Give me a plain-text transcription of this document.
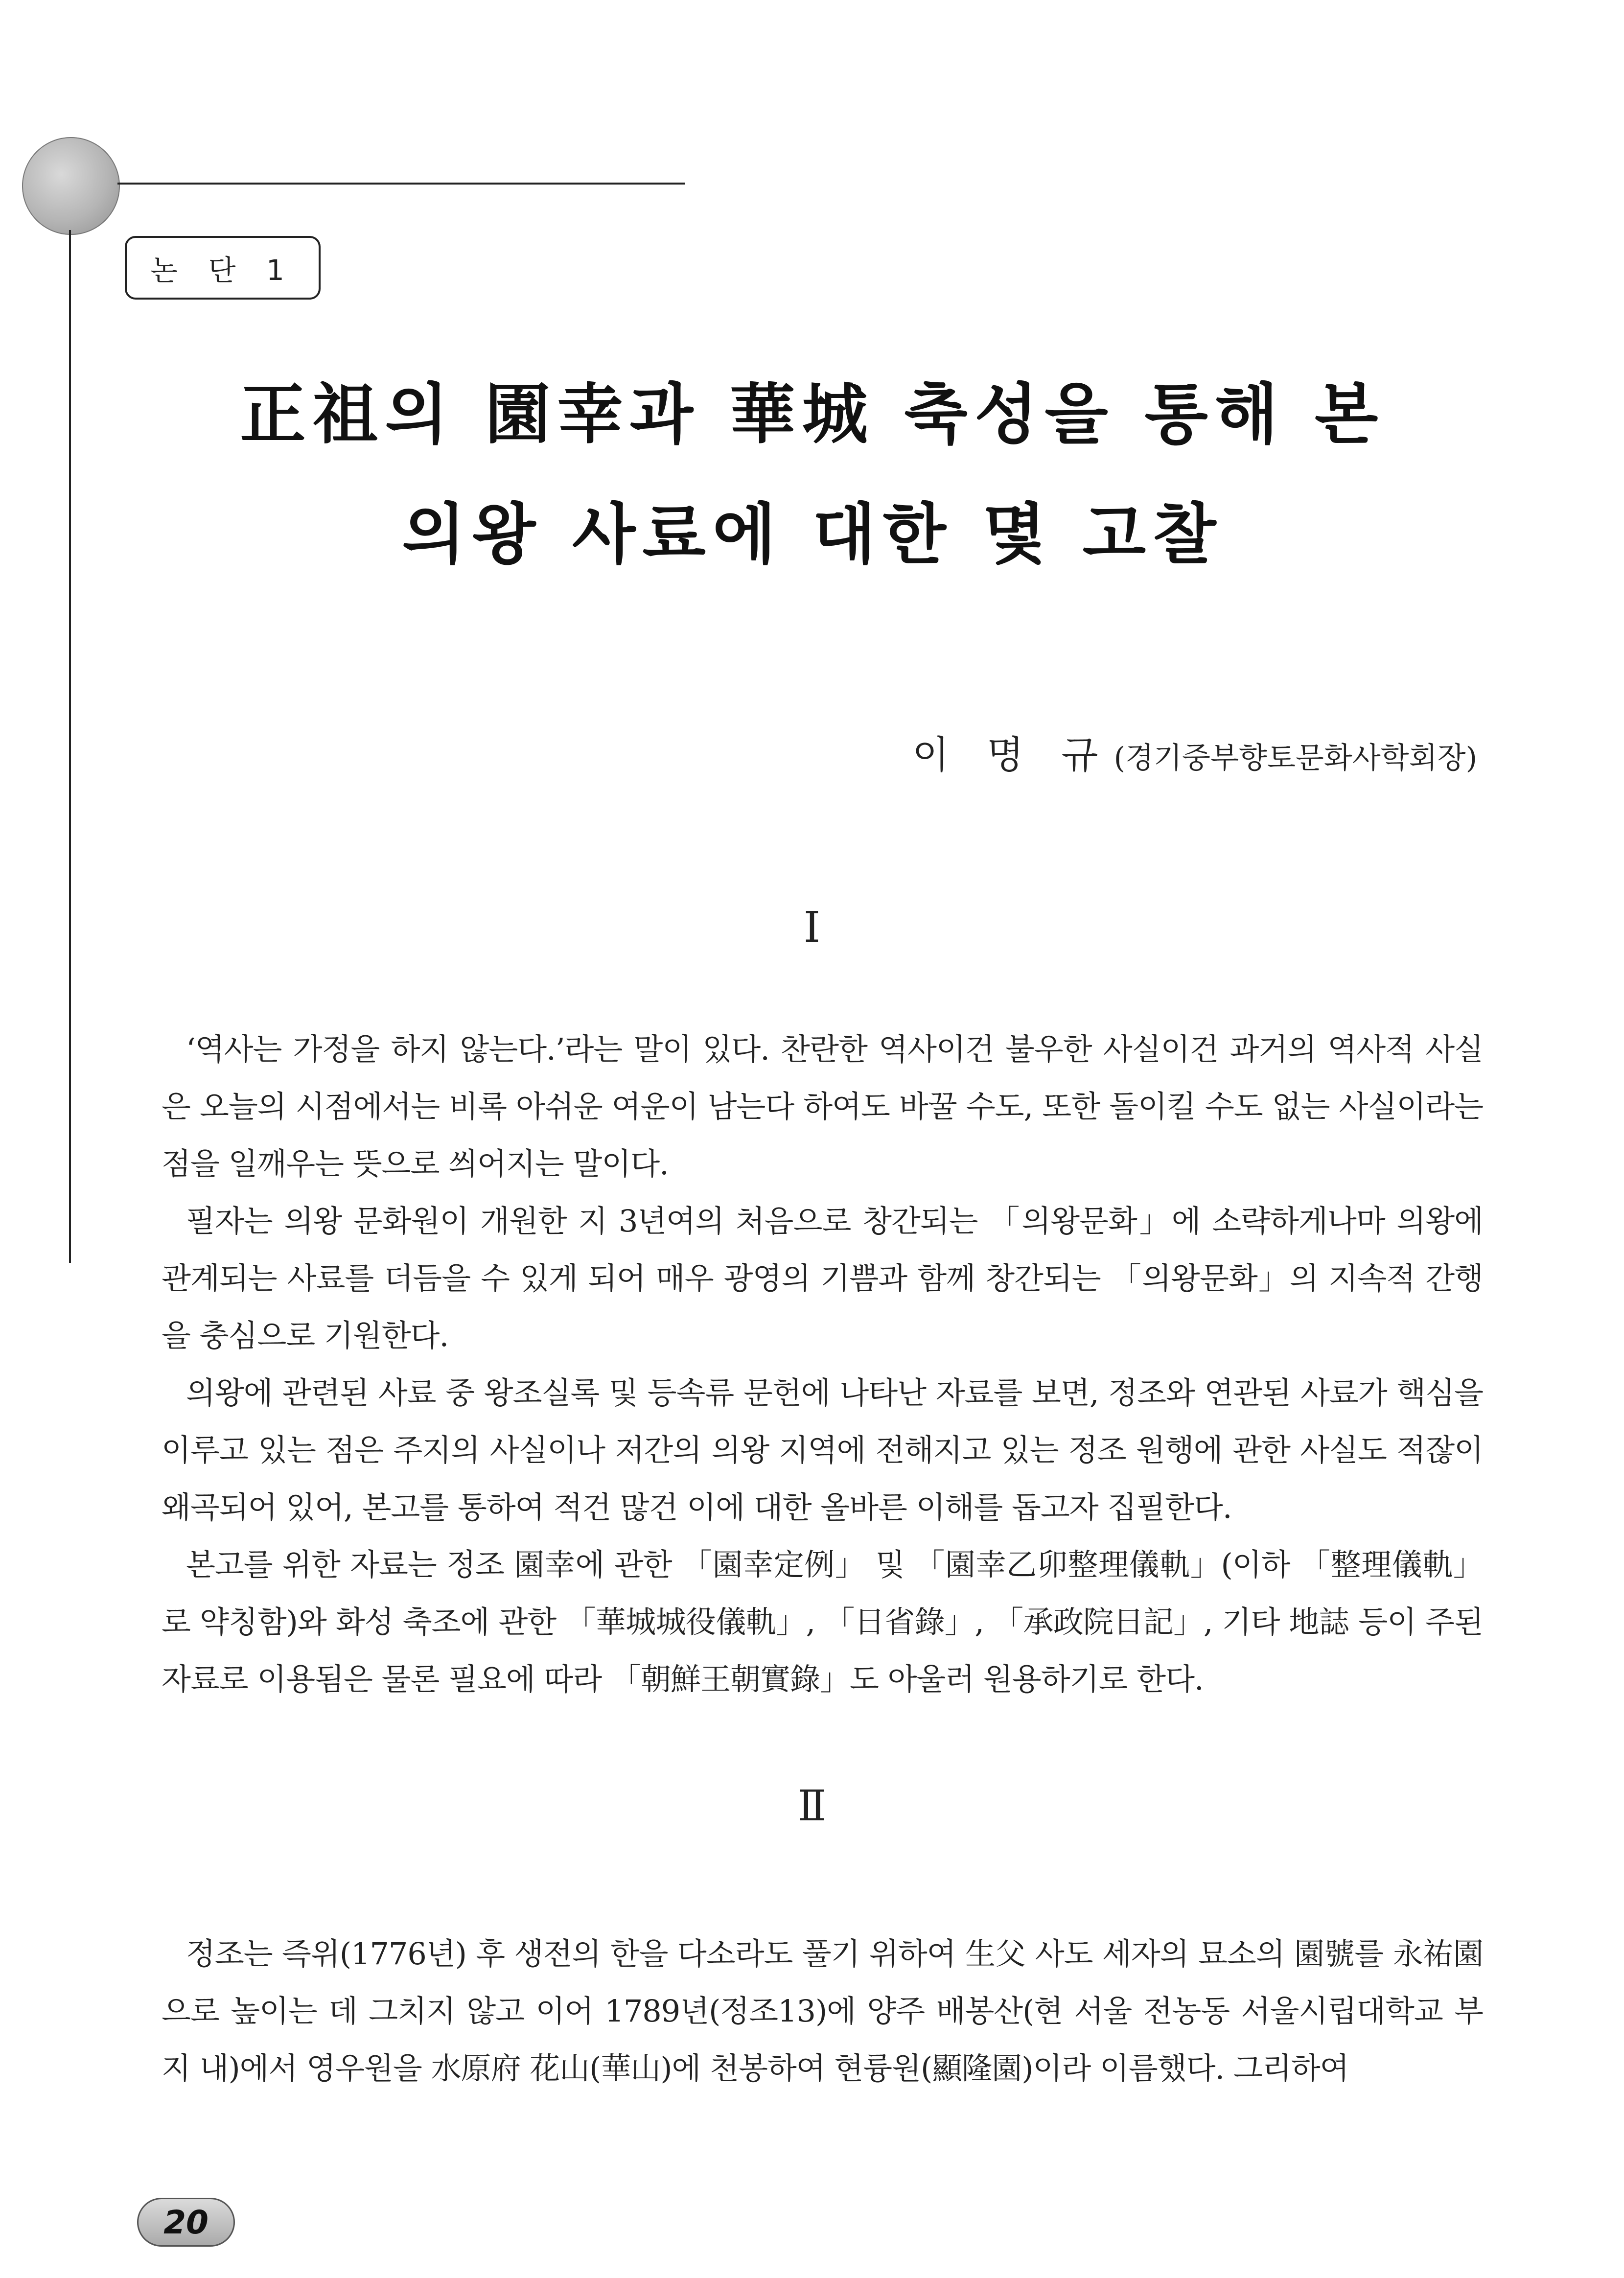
논 단 1
正祖의 園幸과 華城 축성을 통해 본
의왕 사료에 대한 몇 고찰
이 명 규 (경기중부향토문화사학회장)
Ⅰ

‘역사는 가정을 하지 않는다.’라는 말이 있다. 찬란한 역사이건 불우한 사실이건 과거의 역사적 사실은 오늘의 시점에서는 비록 아쉬운 여운이 남는다 하여도 바꿀 수도, 또한 돌이킬 수도 없는 사실이라는 점을 일깨우는 뜻으로 씌어지는 말이다.

필자는 의왕 문화원이 개원한 지 3년여의 처음으로 창간되는 「의왕문화」에 소략하게나마 의왕에 관계되는 사료를 더듬을 수 있게 되어 매우 광영의 기쁨과 함께 창간되는 「의왕문화」의 지속적 간행을 충심으로 기원한다.

의왕에 관련된 사료 중 왕조실록 및 등속류 문헌에 나타난 자료를 보면, 정조와 연관된 사료가 핵심을 이루고 있는 점은 주지의 사실이나 저간의 의왕 지역에 전해지고 있는 정조 원행에 관한 사실도 적잖이 왜곡되어 있어, 본고를 통하여 적건 많건 이에 대한 올바른 이해를 돕고자 집필한다.

본고를 위한 자료는 정조 園幸에 관한 「園幸定例」 및 「園幸乙卯整理儀軌」(이하 「整理儀軌」로 약칭함)와 화성 축조에 관한 「華城城役儀軌」, 「日省錄」, 「承政院日記」, 기타 地誌 등이 주된 자료로 이용됨은 물론 필요에 따라 「朝鮮王朝實錄」도 아울러 원용하기로 한다.

Ⅱ

정조는 즉위(1776년) 후 생전의 한을 다소라도 풀기 위하여 生父 사도 세자의 묘소의 園號를 永祐園으로 높이는 데 그치지 않고 이어 1789년(정조13)에 양주 배봉산(현 서울 전농동 서울시립대학교 부지 내)에서 영우원을 水原府 花山(華山)에 천봉하여 현륭원(顯隆園)이라 이름했다. 그리하여

20
